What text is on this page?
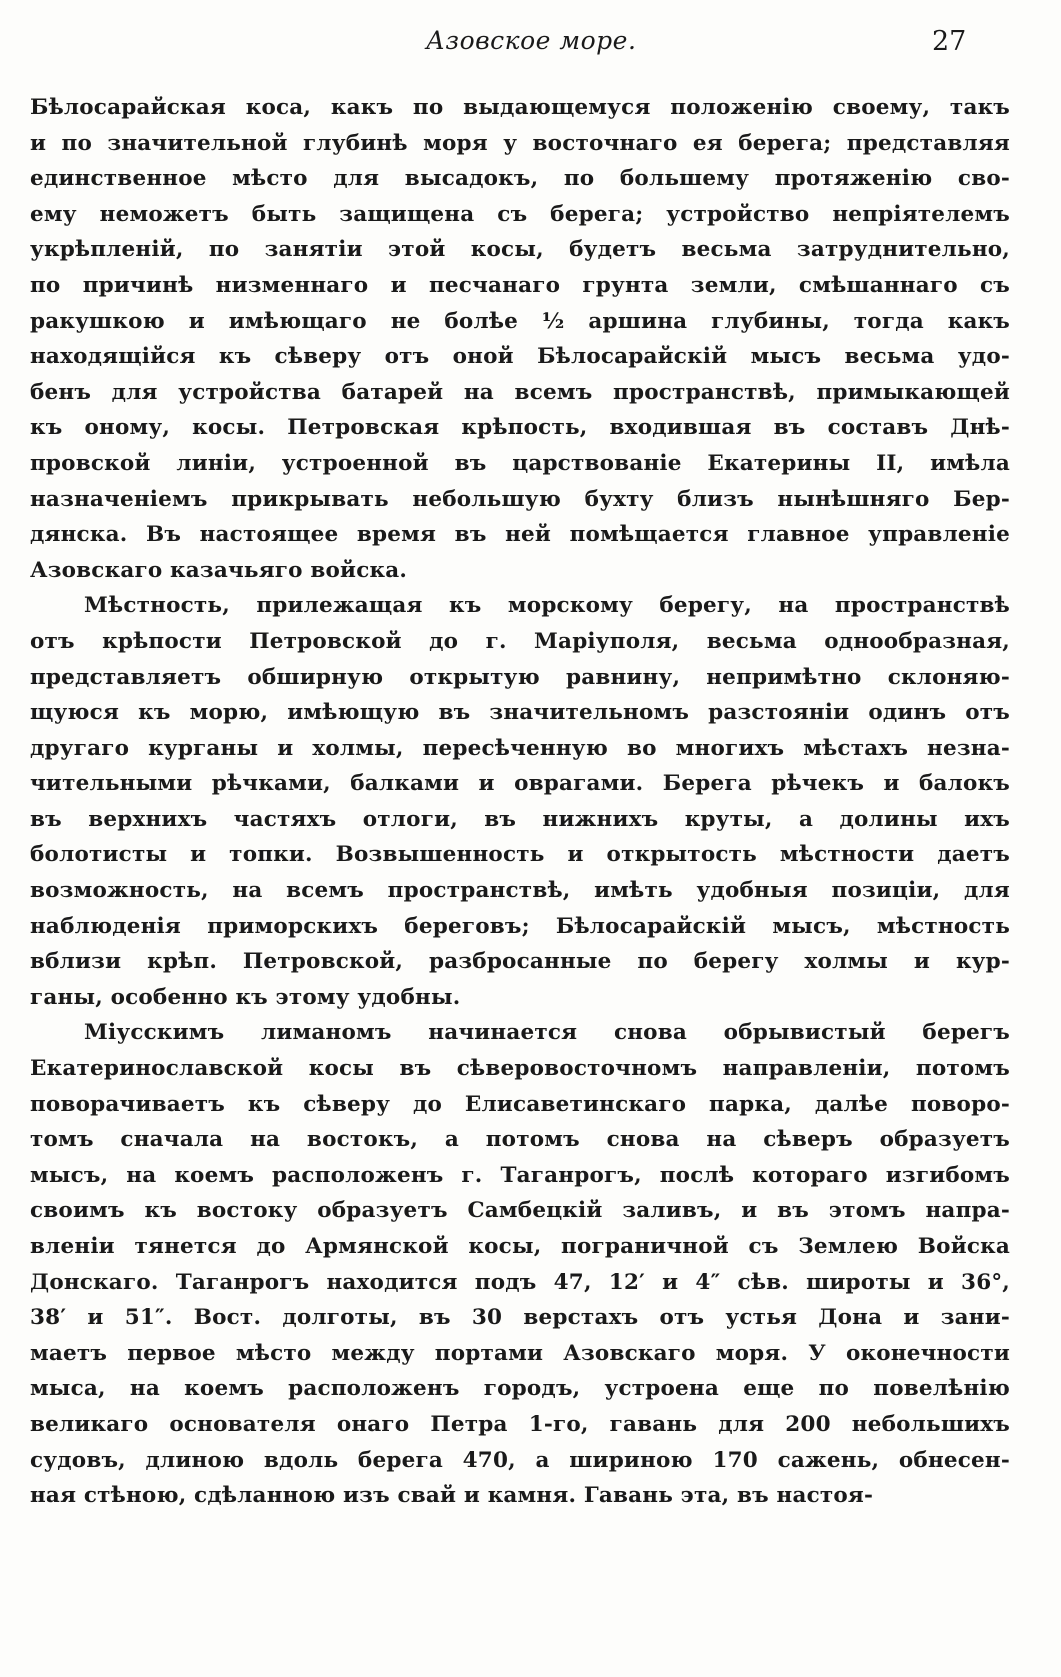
Азовское море.	27
Бѣлосарайская коса, какъ по выдающемуся положенію своему, такъ
и по значительной глубинѣ моря у восточнаго ея берега; представляя
единственное мѣсто для высадокъ, по большему протяженію сво-
ему неможетъ быть защищена съ берега; устройство непріятелемъ
укрѣпленій, по занятіи этой косы, будетъ весьма затруднительно,
по причинѣ низменнаго и песчанаго грунта земли, смѣшаннаго съ
ракушкою и имѣющаго не болѣе ½ аршина глубины, тогда какъ
находящійся къ сѣверу отъ оной Бѣлосарайскій мысъ весьма удо-
бенъ для устройства батарей на всемъ пространствѣ, примыкающей
къ оному, косы. Петровская крѣпость, входившая въ составъ Днѣ-
провской линіи, устроенной въ царствованіе Екатерины II, имѣла
назначеніемъ прикрывать небольшую бухту близъ нынѣшняго Бер-
дянска. Въ настоящее время въ ней помѣщается главное управленіе
Азовскаго казачьяго войска.
Мѣстность, прилежащая къ морскому берегу, на пространствѣ
отъ крѣпости Петровской до г. Маріуполя, весьма однообразная,
представляетъ обширную открытую равнину, непримѣтно склоняю-
щуюся къ морю, имѣющую въ значительномъ разстояніи одинъ отъ
другаго курганы и холмы, пересѣченную во многихъ мѣстахъ незна-
чительными рѣчками, балками и оврагами. Берега рѣчекъ и балокъ
въ верхнихъ частяхъ отлоги, въ нижнихъ круты, а долины ихъ
болотисты и топки. Возвышенность и открытость мѣстности даетъ
возможность, на всемъ пространствѣ, имѣть удобныя позиціи, для
наблюденія приморскихъ береговъ; Бѣлосарайскій мысъ, мѣстность
вблизи крѣп. Петровской, разбросанные по берегу холмы и кур-
ганы, особенно къ этому удобны.
Міусскимъ лиманомъ начинается снова обрывистый берегъ
Екатеринославской косы въ сѣверовосточномъ направленіи, потомъ
поворачиваетъ къ сѣверу до Елисаветинскаго парка, далѣе поворо-
томъ сначала на востокъ, а потомъ снова на сѣверъ образуетъ
мысъ, на коемъ расположенъ г. Таганрогъ, послѣ котораго изгибомъ
своимъ къ востоку образуетъ Самбецкій заливъ, и въ этомъ напра-
вленіи тянется до Армянской косы, пограничной съ Землею Войска
Донскаго. Таганрогъ находится подъ 47, 12′ и 4″ сѣв. широты и 36°,
38′ и 51″. Вост. долготы, въ 30 верстахъ отъ устья Дона и зани-
маетъ первое мѣсто между портами Азовскаго моря. У оконечности
мыса, на коемъ расположенъ городъ, устроена еще по повелѣнію
великаго основателя онаго Петра 1-го, гавань для 200 небольшихъ
судовъ, длиною вдоль берега 470, а шириною 170 сажень, обнесен-
ная стѣною, сдѣланною изъ свай и камня. Гавань эта, въ настоя-
